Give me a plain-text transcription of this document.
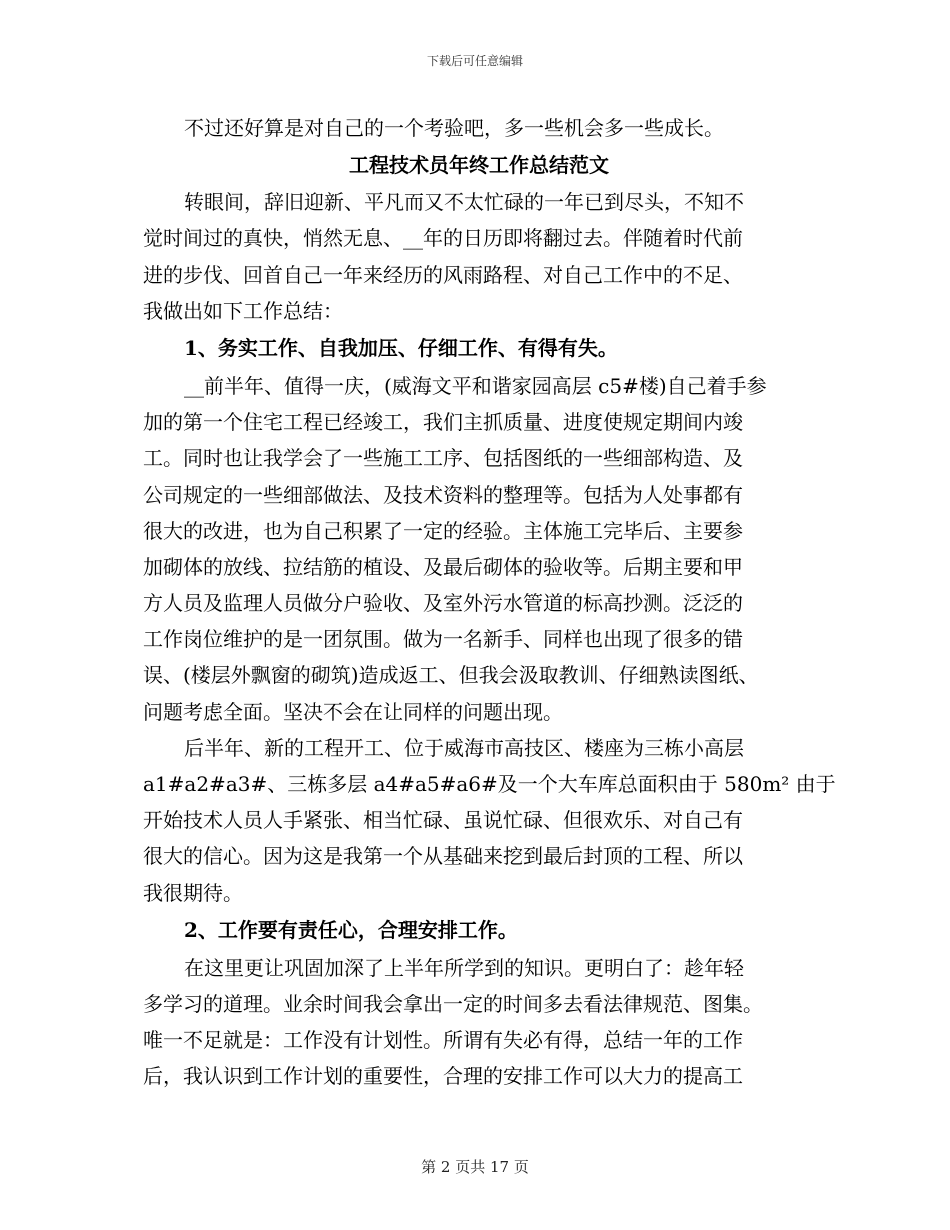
下载后可任意编辑
不过还好算是对自己的一个考验吧，多一些机会多一些成长。
工程技术员年终工作总结范文
转眼间，辞旧迎新、平凡而又不太忙碌的一年已到尽头，不知不
觉时间过的真快，悄然无息、__年的日历即将翻过去。伴随着时代前
进的步伐、回首自己一年来经历的风雨路程、对自己工作中的不足、
我做出如下工作总结：
1、务实工作、自我加压、仔细工作、有得有失。
__前半年、值得一庆，(威海文平和谐家园高层 c5#楼)自己着手参
加的第一个住宅工程已经竣工，我们主抓质量、进度使规定期间内竣
工。同时也让我学会了一些施工工序、包括图纸的一些细部构造、及
公司规定的一些细部做法、及技术资料的整理等。包括为人处事都有
很大的改进，也为自己积累了一定的经验。主体施工完毕后、主要参
加砌体的放线、拉结筋的植设、及最后砌体的验收等。后期主要和甲
方人员及监理人员做分户验收、及室外污水管道的标高抄测。泛泛的
工作岗位维护的是一团氛围。做为一名新手、同样也出现了很多的错
误、(楼层外飘窗的砌筑)造成返工、但我会汲取教训、仔细熟读图纸、
问题考虑全面。坚决不会在让同样的问题出现。
后半年、新的工程开工、位于威海市高技区、楼座为三栋小高层
a1#a2#a3#、三栋多层 a4#a5#a6#及一个大车库总面积由于 580m² 由于
开始技术人员人手紧张、相当忙碌、虽说忙碌、但很欢乐、对自己有
很大的信心。因为这是我第一个从基础来挖到最后封顶的工程、所以
我很期待。
2、工作要有责任心，合理安排工作。
在这里更让巩固加深了上半年所学到的知识。更明白了：趁年轻
多学习的道理。业余时间我会拿出一定的时间多去看法律规范、图集。
唯一不足就是：工作没有计划性。所谓有失必有得，总结一年的工作
后，我认识到工作计划的重要性，合理的安排工作可以大力的提高工
第 2 页共 17 页
